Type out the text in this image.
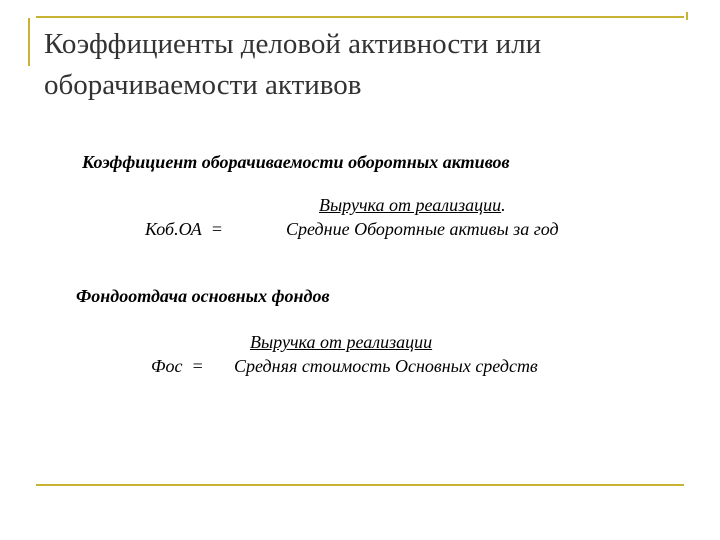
Коэффициенты деловой активности или
оборачиваемости активов
Коэффициент оборачиваемости оборотных активов
Выручка от реализации.
Коб.ОА  =	Средние Оборотные активы за год
Фондоотдача основных фондов
Выручка от реализации
Фос  = Средняя стоимость Основных средств
